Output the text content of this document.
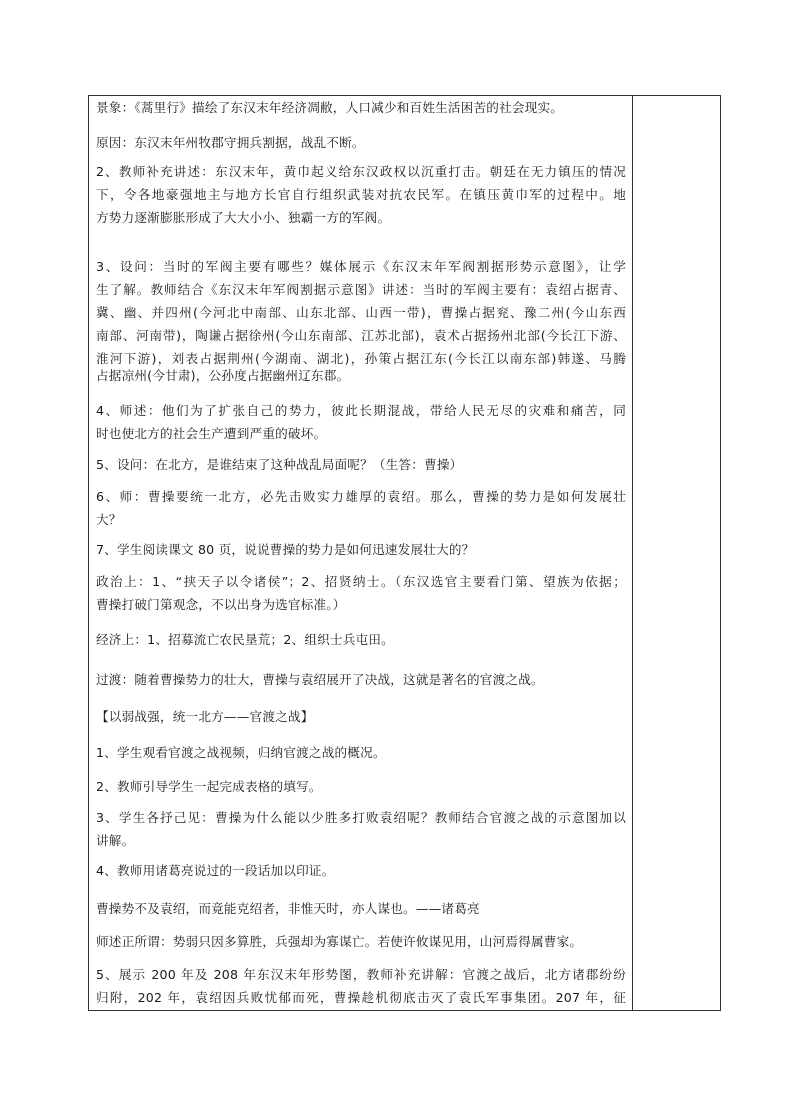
景象：《蒿里行》描绘了东汉末年经济凋敝，人口减少和百姓生活困苦的社会现实。
原因：东汉末年州牧郡守拥兵割据，战乱不断。
2、教师补充讲述：东汉末年，黄巾起义给东汉政权以沉重打击。朝廷在无力镇压的情况
下，令各地豪强地主与地方长官自行组织武装对抗农民军。在镇压黄巾军的过程中。地
方势力逐渐膨胀形成了大大小小、独霸一方的军阀。
3、设问：当时的军阀主要有哪些？媒体展示《东汉末年军阀割据形势示意图》，让学
生了解。教师结合《东汉末年军阀割据示意图》讲述：当时的军阀主要有：袁绍占据青、
冀、幽、并四州(今河北中南部、山东北部、山西一带)，曹操占据兖、豫二州(今山东西
南部、河南带)，陶谦占据徐州(今山东南部、江苏北部)，袁术占据扬州北部(今长江下游、
淮河下游)，刘表占据荆州(今湖南、湖北)，孙策占据江东(今长江以南东部)韩遂、马腾
占据凉州(今甘肃)，公孙度占据幽州辽东郡。
4、师述：他们为了扩张自己的势力，彼此长期混战，带给人民无尽的灾难和痛苦，同
时也使北方的社会生产遭到严重的破坏。
5、设问：在北方，是谁结束了这种战乱局面呢？（生答：曹操）
6、师：曹操要统一北方，必先击败实力雄厚的袁绍。那么，曹操的势力是如何发展壮
大？
7、学生阅读课文 80 页，说说曹操的势力是如何迅速发展壮大的？
政治上：1、“挟天子以令诸侯”；2、招贤纳士。（东汉选官主要看门第、望族为依据；
曹操打破门第观念，不以出身为选官标准。）
经济上：1、招募流亡农民垦荒；2、组织士兵屯田。
过渡：随着曹操势力的壮大，曹操与袁绍展开了决战，这就是著名的官渡之战。
【以弱战强，统一北方——官渡之战】
1、学生观看官渡之战视频，归纳官渡之战的概况。
2、教师引导学生一起完成表格的填写。
3、学生各抒己见：曹操为什么能以少胜多打败袁绍呢？教师结合官渡之战的示意图加以
讲解。
4、教师用诸葛亮说过的一段话加以印证。
曹操势不及袁绍，而竟能克绍者，非惟天时，亦人谋也。——诸葛亮
师述正所谓：势弱只因多算胜，兵强却为寡谋亡。若使许攸谋见用，山河焉得属曹家。
5、展示 200 年及 208 年东汉末年形势图，教师补充讲解：官渡之战后，北方诸郡纷纷
归附，202 年，袁绍因兵败忧郁而死，曹操趁机彻底击灭了袁氏军事集团。207 年，征
